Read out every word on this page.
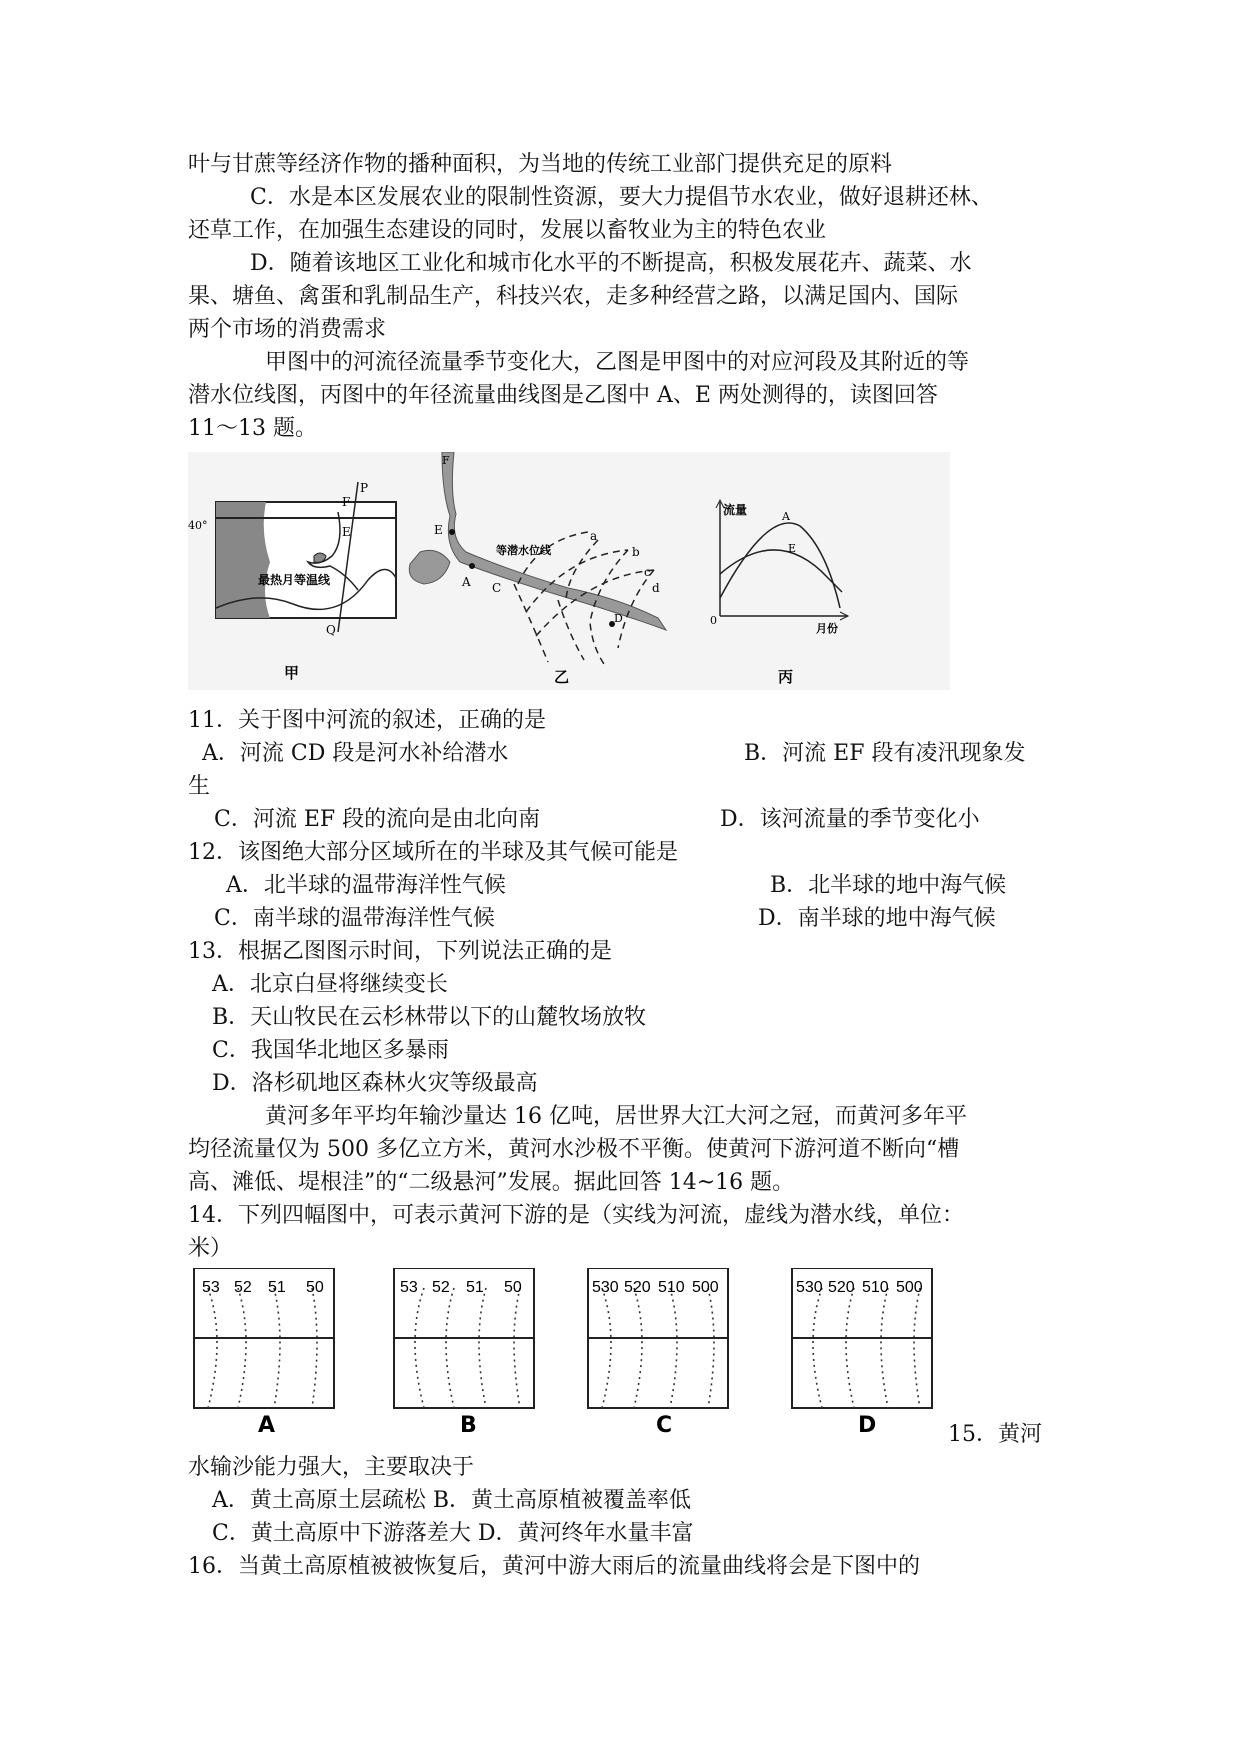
叶与甘蔗等经济作物的播种面积，为当地的传统工业部门提供充足的原料
C．水是本区发展农业的限制性资源，要大力提倡节水农业，做好退耕还林、
还草工作，在加强生态建设的同时，发展以畜牧业为主的特色农业
D．随着该地区工业化和城市化水平的不断提高，积极发展花卉、蔬菜、水
果、塘鱼、禽蛋和乳制品生产，科技兴农，走多种经营之路，以满足国内、国际
两个市场的消费需求
甲图中的河流径流量季节变化大，乙图是甲图中的对应河段及其附近的等
潜水位线图，丙图中的年径流量曲线图是乙图中 A、E 两处测得的，读图回答
11～13 题。
40°
F
E
P
Q
最热月等温线
甲
F
E
A C
D
等潜水位线
a
b
c
d
乙
流量
0
A
E
月份
丙
11．关于图中河流的叙述，正确的是
A．河流 CD 段是河水补给潜水	B．河流 EF 段有凌汛现象发
生
C．河流 EF 段的流向是由北向南	D．该河流量的季节变化小
12．该图绝大部分区域所在的半球及其气候可能是
A．北半球的温带海洋性气候	B．北半球的地中海气候
C．南半球的温带海洋性气候	D．南半球的地中海气候
13．根据乙图图示时间，下列说法正确的是
A．北京白昼将继续变长
B．天山牧民在云杉林带以下的山麓牧场放牧
C．我国华北地区多暴雨
D．洛杉矶地区森林火灾等级最高
黄河多年平均年输沙量达 16 亿吨，居世界大江大河之冠，而黄河多年平
均径流量仅为 500 多亿立方米，黄河水沙极不平衡。使黄河下游河道不断向“槽
高、滩低、堤根洼”的“二级悬河”发展。据此回答 14~16 题。
14．下列四幅图中，可表示黄河下游的是（实线为河流，虚线为潜水线，单位：
米）
53 52 51 50	53 52 51 50	530 520 510 500	530 520 510 500
A	B	C	D	15．黄河
水输沙能力强大，主要取决于
A．黄土高原土层疏松 B．黄土高原植被覆盖率低
C．黄土高原中下游落差大 D．黄河终年水量丰富
16．当黄土高原植被被恢复后，黄河中游大雨后的流量曲线将会是下图中的
